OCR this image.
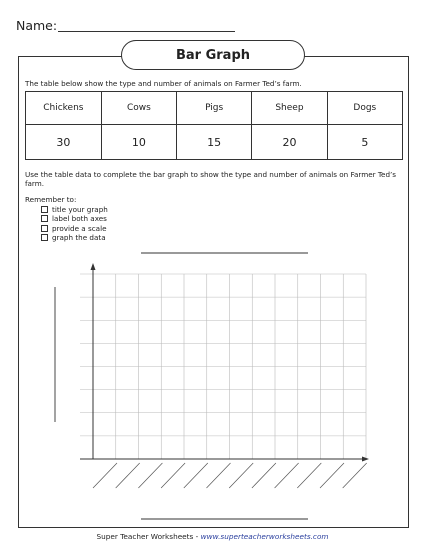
Name:
Bar Graph
The table below show the type and number of animals on Farmer Ted’s farm.
Chickens	Cows	Pigs	Sheep	Dogs
30	10	15	20	5
Use the table data to complete the bar graph to show the type and number of animals on Farmer Ted’s farm.
Remember to:
title your graph
label both axes
provide a scale
graph the data
Super Teacher Worksheets - www.superteacherworksheets.com
